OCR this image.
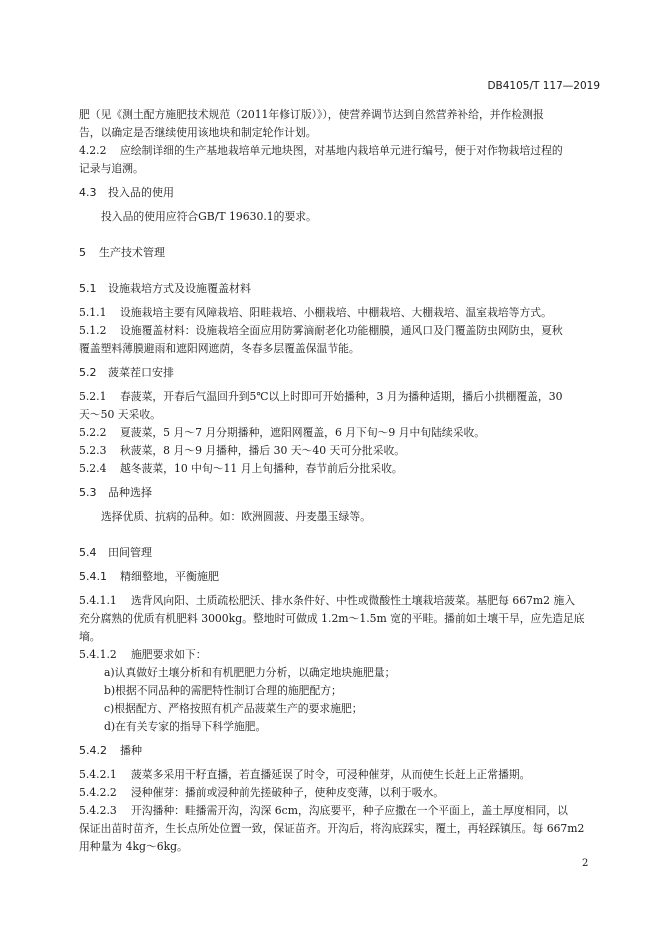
DB4105/T 117—2019
肥（见《测土配方施肥技术规范（2011年修订版）》），使营养调节达到自然营养补给，并作检测报
告，以确定是否继续使用该地块和制定轮作计划。
4.2.2 应绘制详细的生产基地栽培单元地块图，对基地内栽培单元进行编号，便于对作物栽培过程的
记录与追溯。
4.3 投入品的使用
投入品的使用应符合GB/T 19630.1的要求。
5 生产技术管理
5.1 设施栽培方式及设施覆盖材料
5.1.1 设施栽培主要有风障栽培、阳畦栽培、小棚栽培、中棚栽培、大棚栽培、温室栽培等方式。
5.1.2 设施覆盖材料：设施栽培全面应用防雾滴耐老化功能棚膜，通风口及门覆盖防虫网防虫，夏秋
覆盖塑料薄膜避雨和遮阳网遮荫，冬春多层覆盖保温节能。
5.2 菠菜茬口安排
5.2.1 春菠菜，开春后气温回升到5℃以上时即可开始播种，3 月为播种适期，播后小拱棚覆盖，30
天～50 天采收。
5.2.2 夏菠菜，5 月～7 月分期播种，遮阳网覆盖，6 月下旬～9 月中旬陆续采收。
5.2.3 秋菠菜，8 月～9 月播种，播后 30 天～40 天可分批采收。
5.2.4 越冬菠菜，10 中旬～11 月上旬播种，春节前后分批采收。
5.3 品种选择
选择优质、抗病的品种。如：欧洲圆菠、丹麦墨玉绿等。
5.4 田间管理
5.4.1 精细整地，平衡施肥
5.4.1.1 选背风向阳、土质疏松肥沃、排水条件好、中性或微酸性土壤栽培菠菜。基肥每 667m2 施入
充分腐熟的优质有机肥料 3000kg。整地时可做成 1.2m～1.5m 宽的平畦。播前如土壤干旱，应先造足底
墒。
5.4.1.2 施肥要求如下：
a)认真做好土壤分析和有机肥肥力分析，以确定地块施肥量；
b)根据不同品种的需肥特性制订合理的施肥配方；
c)根据配方、严格按照有机产品菠菜生产的要求施肥；
d)在有关专家的指导下科学施肥。
5.4.2 播种
5.4.2.1 菠菜多采用干籽直播，若直播延误了时令，可浸种催芽，从而使生长赶上正常播期。
5.4.2.2 浸种催芽：播前或浸种前先搓破种子，使种皮变薄，以利于吸水。
5.4.2.3 开沟播种：畦播需开沟，沟深 6cm，沟底要平，种子应撒在一个平面上，盖土厚度相同，以
保证出苗时苗齐，生长点所处位置一致，保证苗齐。开沟后，将沟底踩实，覆土，再轻踩镇压。每 667m2
用种量为 4kg～6kg。
2
